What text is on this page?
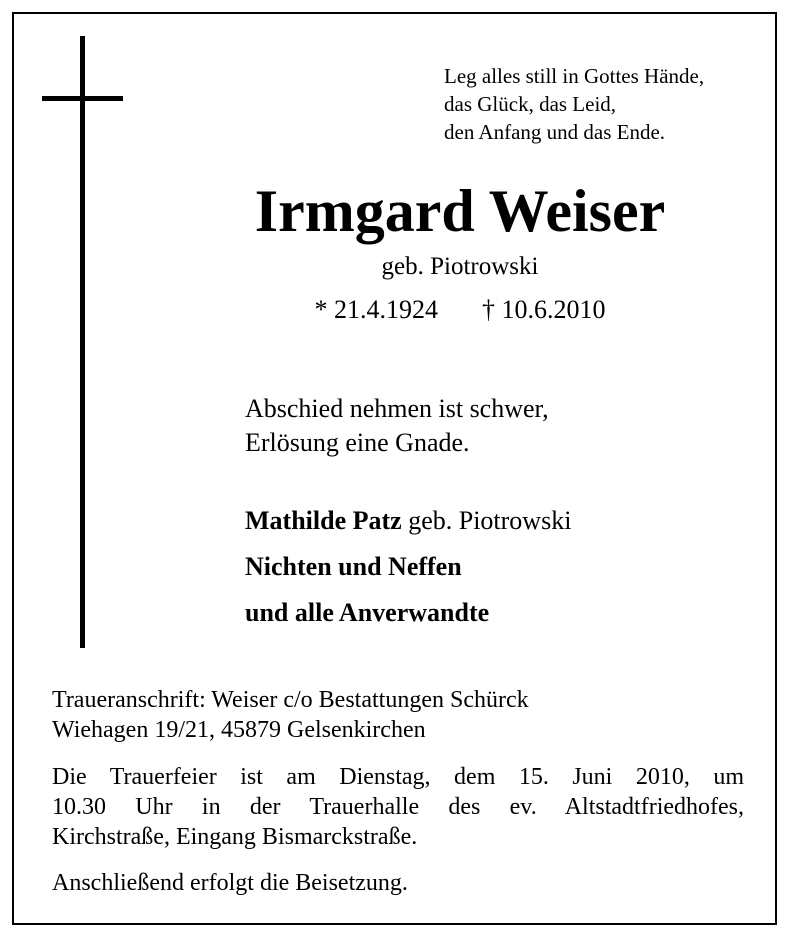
Leg alles still in Gottes Hände,
das Glück, das Leid,
den Anfang und das Ende.
Irmgard Weiser
geb. Piotrowski
* 21.4.1924 † 10.6.2010
Abschied nehmen ist schwer,
Erlösung eine Gnade.
Mathilde Patz geb. Piotrowski
Nichten und Neffen
und alle Anverwandte
Traueranschrift: Weiser c/o Bestattungen Schürck
Wiehagen 19/21, 45879 Gelsenkirchen
Die Trauerfeier ist am Dienstag, dem 15. Juni 2010, um
10.30 Uhr in der Trauerhalle des ev. Altstadtfriedhofes,
Kirchstraße, Eingang Bismarckstraße.
Anschließend erfolgt die Beisetzung.
